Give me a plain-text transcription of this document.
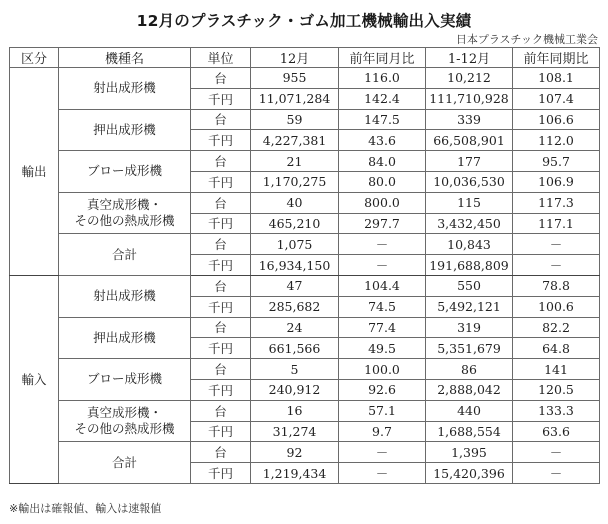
12月のプラスチック・ゴム加工機械輸出入実績
日本プラスチック機械工業会
区分	機種名	単位	12月	前年同月比	1-12月	前年同期比
輸出	射出成形機	台	955	116.0	10,212	108.1
		千円	11,071,284	142.4	111,710,928	107.4

	押出成形機	台	59	147.5	339	106.6
		千円	4,227,381	43.6	66,508,901	112.0

	ブロー成形機	台	21	84.0	177	95.7
		千円	1,170,275	80.0	10,036,530	106.9

	真空成形機・
その他の熱成形機	台	40	800.0	115	117.3
		千円	465,210	297.7	3,432,450	117.1

	合計	台	1,075	－	10,843	－
		千円	16,934,150	－	191,688,809	－
輸入	射出成形機	台	47	104.4	550	78.8
		千円	285,682	74.5	5,492,121	100.6

	押出成形機	台	24	77.4	319	82.2
		千円	661,566	49.5	5,351,679	64.8

	ブロー成形機	台	5	100.0	86	141
		千円	240,912	92.6	2,888,042	120.5

	真空成形機・
その他の熱成形機	台	16	57.1	440	133.3
		千円	31,274	9.7	1,688,554	63.6

	合計	台	92	－	1,395	－
		千円	1,219,434	－	15,420,396	－
※輸出は確報値、輸入は速報値
